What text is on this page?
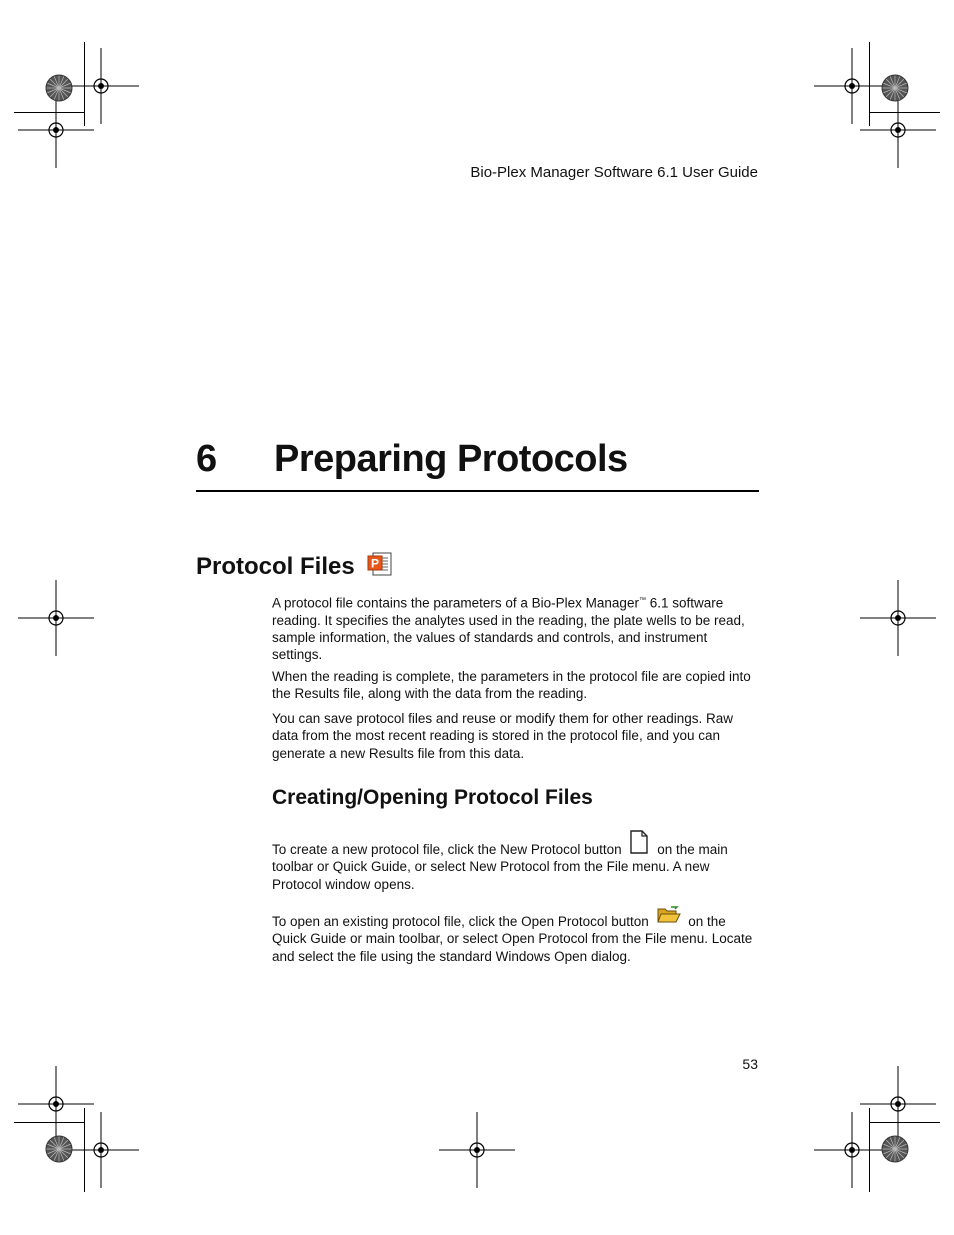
Bio-Plex Manager Software 6.1 User Guide
6 Preparing Protocols
Protocol Files P

A protocol file contains the parameters of a Bio-Plex Manager™ 6.1 software reading. It specifies the analytes used in the reading, the plate wells to be read, sample information, the values of standards and controls, and instrument settings.

When the reading is complete, the parameters in the protocol file are copied into the Results file, along with the data from the reading.

You can save protocol files and reuse or modify them for other readings. Raw data from the most recent reading is stored in the protocol file, and you can generate a new Results file from this data.

Creating/Opening Protocol Files

To create a new protocol file, click the New Protocol button	on the main toolbar or Quick Guide, or select New Protocol from the File menu. A new Protocol window opens.

To open an existing protocol file, click the Open Protocol button	on the Quick Guide or main toolbar, or select Open Protocol from the File menu. Locate and select the file using the standard Windows Open dialog.

53
